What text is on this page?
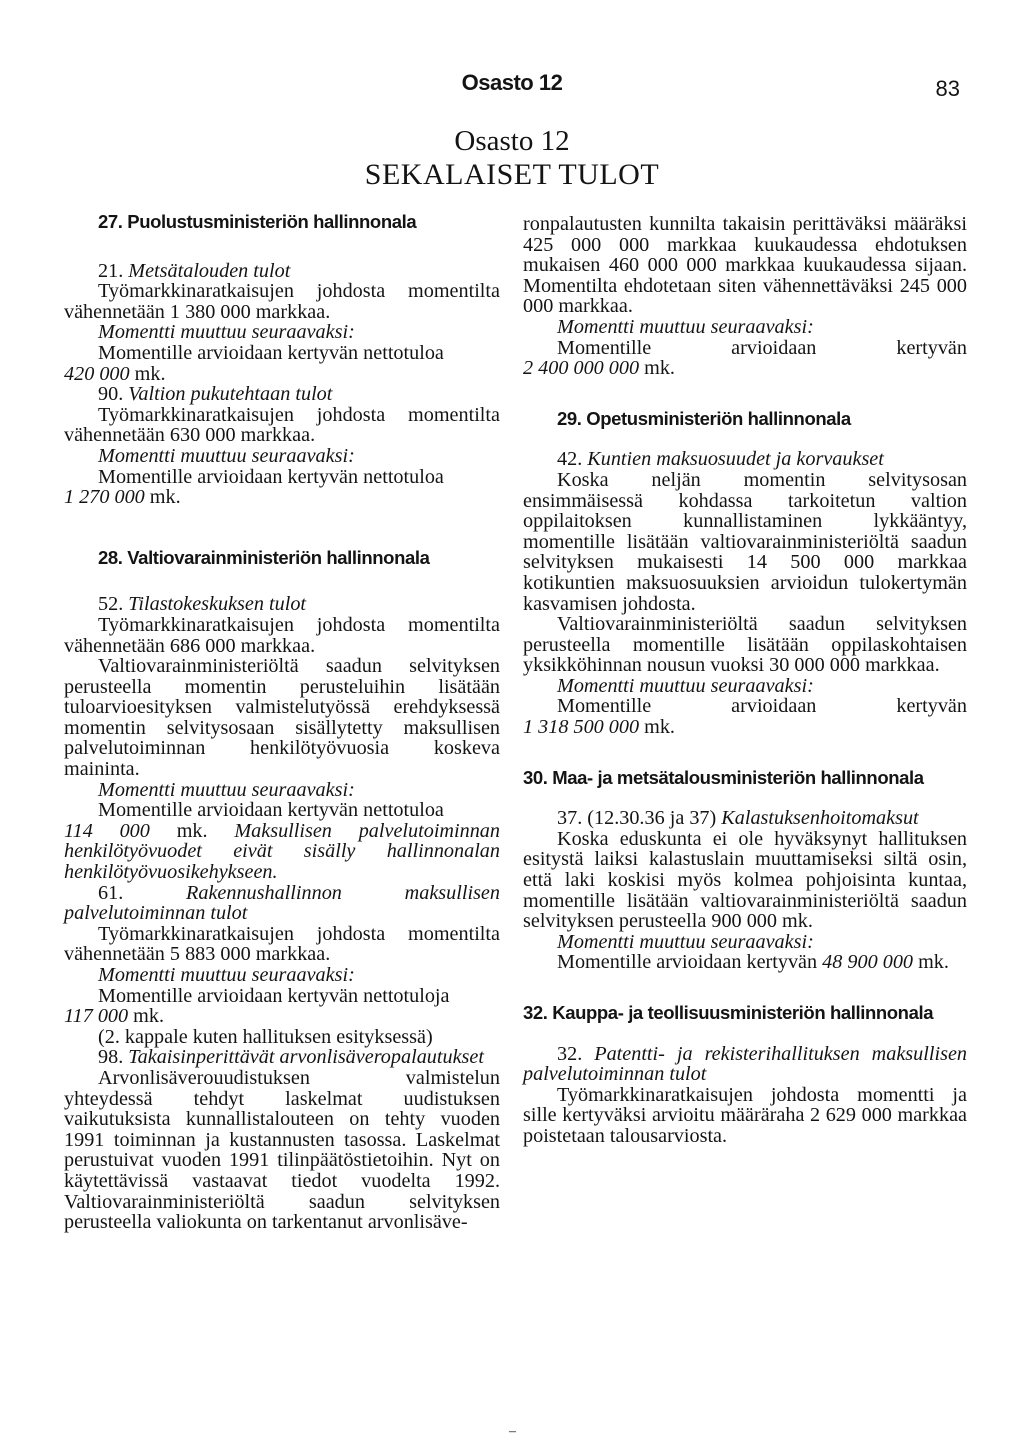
Osasto 12	83
Osasto 12
SEKALAISET TULOT

27. Puolustusministeriön hallinnonala

21. Metsätalouden tulot

Työmarkkinaratkaisujen johdosta momentilta vähennetään 1 380 000 markkaa.

Momentti muuttuu seuraavaksi:

Momentille arvioidaan kertyvän nettotuloa

420 000 mk.

90. Valtion pukutehtaan tulot

Työmarkkinaratkaisujen johdosta momentilta vähennetään 630 000 markkaa.

Momentti muuttuu seuraavaksi:

Momentille arvioidaan kertyvän nettotuloa

1 270 000 mk.

28. Valtiovarainministeriön hallinnonala

52. Tilastokeskuksen tulot

Työmarkkinaratkaisujen johdosta momentilta vähennetään 686 000 markkaa.

Valtiovarainministeriöltä saadun selvityksen perusteella momentin perusteluihin lisätään tuloarvioesityksen valmistelutyössä erehdyksessä momentin selvitysosaan sisällytetty maksullisen palvelutoiminnan henkilötyövuosia koskeva maininta.

Momentti muuttuu seuraavaksi:

Momentille arvioidaan kertyvän nettotuloa

114 000 mk. Maksullisen palvelutoiminnan henkilötyövuodet eivät sisälly hallinnonalan henkilötyövuosikehykseen.

61.	Rakennushallinnon maksullisen palvelutoiminnan tulot

Työmarkkinaratkaisujen johdosta momentilta vähennetään 5 883 000 markkaa.

Momentti muuttuu seuraavaksi:

Momentille arvioidaan kertyvän nettotuloja

117 000 mk.

(2. kappale kuten hallituksen esityksessä)

98. Takaisinperittävät arvonlisäveropalautukset

Arvonlisäverouudistuksen valmistelun yhteydessä tehdyt laskelmat uudistuksen vaikutuksista kunnallistalouteen on tehty vuoden 1991 toiminnan ja kustannusten tasossa. Laskelmat perustuivat vuoden 1991 tilinpäätöstietoihin. Nyt on käytettävissä vastaavat tiedot vuodelta 1992. Valtiovarainministeriöltä saadun selvityksen perusteella valiokunta on tarkentanut arvonlisäve-

ronpalautusten kunnilta takaisin perittäväksi määräksi 425 000 000 markkaa kuukaudessa ehdotuksen mukaisen 460 000 000 markkaa kuukaudessa sijaan. Momentilta ehdotetaan siten vähennettäväksi 245 000 000 markkaa.

Momentti muuttuu seuraavaksi:

Momentille	arvioidaan	kertyvän

2 400 000 000 mk.

29. Opetusministeriön hallinnonala

42. Kuntien maksuosuudet ja korvaukset

Koska neljän momentin selvitysosan ensimmäisessä kohdassa tarkoitetun valtion oppilaitoksen kunnallistaminen lykkääntyy, momentille lisätään valtiovarainministeriöltä saadun selvityksen mukaisesti 14 500 000 markkaa kotikuntien maksuosuuksien arvioidun tulokertymän kasvamisen johdosta.

Valtiovarainministeriöltä saadun selvityksen perusteella momentille lisätään oppilaskohtaisen yksikköhinnan nousun vuoksi 30 000 000 markkaa.

Momentti muuttuu seuraavaksi:

Momentille	arvioidaan	kertyvän

1 318 500 000 mk.

30. Maa- ja metsätalousministeriön hallinnonala

37. (12.30.36 ja 37) Kalastuksenhoitomaksut

Koska eduskunta ei ole hyväksynyt hallituksen esitystä laiksi kalastuslain muuttamiseksi siltä osin, että laki koskisi myös kolmea pohjoisinta kuntaa, momentille lisätään valtiovarainministeriöltä saadun selvityksen perusteella 900 000 mk.

Momentti muuttuu seuraavaksi:

Momentille arvioidaan kertyvän 48 900 000 mk.

32. Kauppa- ja teollisuusministeriön hallinnonala

32. Patentti- ja rekisterihallituksen maksullisen palvelutoiminnan tulot

Työmarkkinaratkaisujen johdosta momentti ja sille kertyväksi arvioitu määräraha 2 629 000 markkaa poistetaan talousarviosta.

–
